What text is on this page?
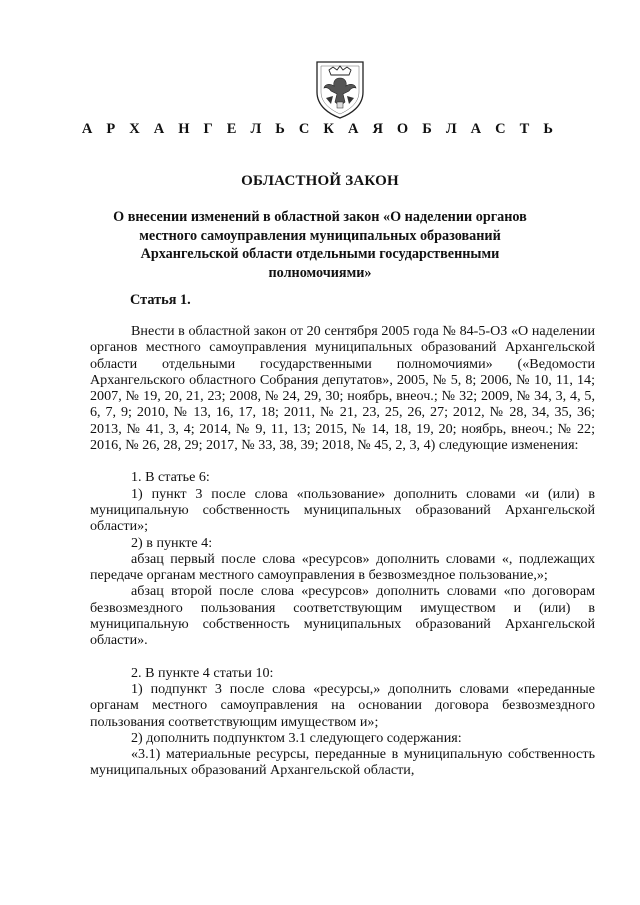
А Р Х А Н Г Е Л Ь С К А Я О Б Л А С Т Ь
ОБЛАСТНОЙ ЗАКОН
О внесении изменений в областной закон «О наделении органов местного самоуправления муниципальных образований Архангельской области отдельными государственными полномочиями»
Статья 1.

Внести в областной закон от 20 сентября 2005 года № 84-5-ОЗ «О наделении органов местного самоуправления муниципальных образований Архангельской области отдельными государственными полномочиями» («Ведомости Архангельского областного Собрания депутатов», 2005, № 5, 8; 2006, № 10, 11, 14; 2007, № 19, 20, 21, 23; 2008, № 24, 29, 30; ноябрь, внеоч.; № 32; 2009, № 34, 3, 4, 5, 6, 7, 9; 2010, № 13, 16, 17, 18; 2011, № 21, 23, 25, 26, 27; 2012, № 28, 34, 35, 36; 2013, № 41, 3, 4; 2014, № 9, 11, 13; 2015, № 14, 18, 19, 20; ноябрь, внеоч.; № 22; 2016, № 26, 28, 29; 2017, № 33, 38, 39; 2018, № 45, 2, 3, 4) следующие изменения:

1. В статье 6:

1) пункт 3 после слова «пользование» дополнить словами «и (или) в муниципальную собственность муниципальных образований Архангельской области»;

2) в пункте 4:

абзац первый после слова «ресурсов» дополнить словами «, подлежащих передаче органам местного самоуправления в безвозмездное пользование,»;

абзац второй после слова «ресурсов» дополнить словами «по договорам безвозмездного пользования соответствующим имуществом и (или) в муниципальную собственность муниципальных образований Архангельской области».

2. В пункте 4 статьи 10:

1) подпункт 3 после слова «ресурсы,» дополнить словами «переданные органам местного самоуправления на основании договора безвозмездного пользования соответствующим имуществом и»;

2) дополнить подпунктом 3.1 следующего содержания:

«3.1) материальные ресурсы, переданные в муниципальную собственность муниципальных образований Архангельской области,
